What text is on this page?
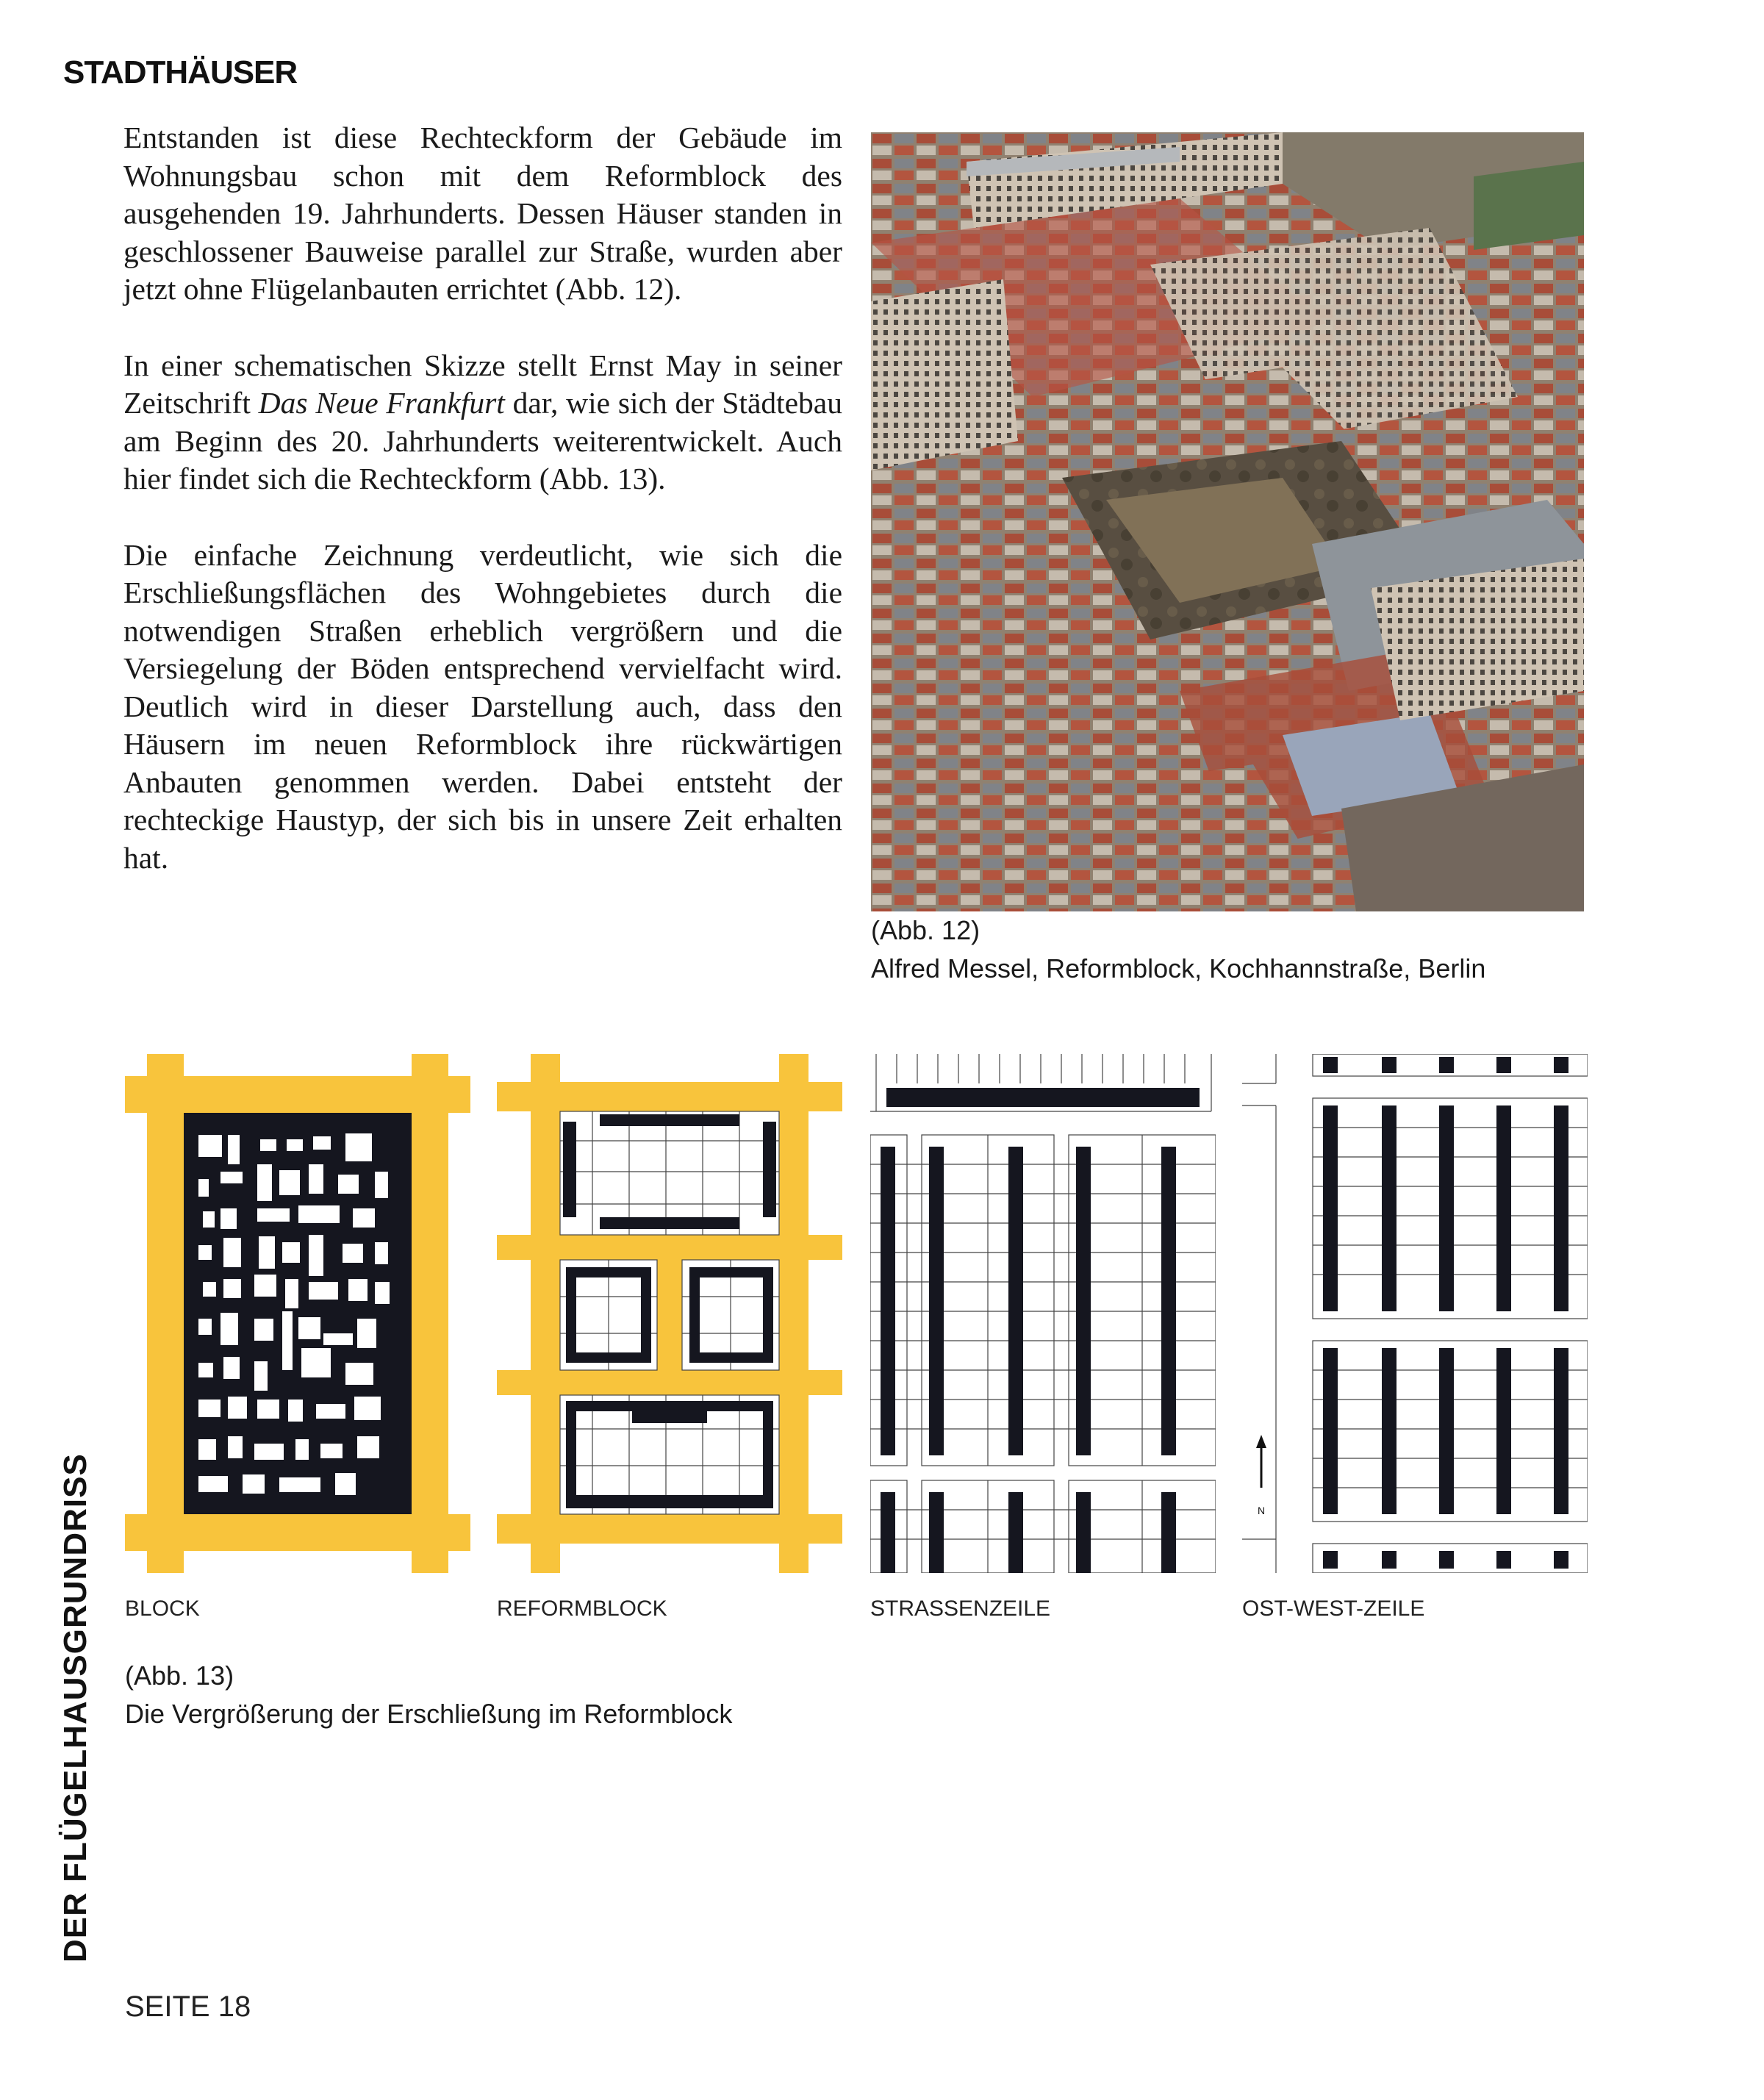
STADTHÄUSER

Entstanden ist diese Rechteckform der Gebäude im Wohnungsbau schon mit dem Reformblock des ausgehenden 19. Jahrhunderts. Dessen Häuser standen in geschlossener Bauweise parallel zur Straße, wurden aber jetzt ohne Flügelanbauten errichtet (Abb. 12).

In einer schematischen Skizze stellt Ernst May in seiner Zeitschrift Das Neue Frankfurt dar, wie sich der Städtebau am Beginn des 20. Jahrhunderts weiterentwickelt. Auch hier findet sich die Rechteckform (Abb. 13).

Die einfache Zeichnung verdeutlicht, wie sich die Erschließungsflächen des Wohngebietes durch die notwendigen Straßen erheblich vergrößern und die Versiegelung der Böden entsprechend vervielfacht wird. Deutlich wird in dieser Darstellung auch, dass den Häusern im neuen Reformblock ihre rückwärtigen Anbauten genommen werden. Dabei entsteht der rechteckige Haustyp, der sich bis in unsere Zeit erhalten hat.

(Abb. 12)
Alfred Messel, Reformblock, Kochhannstraße, Berlin
N
BLOCK	REFORMBLOCK	STRASSENZEILE	OST-WEST-ZEILE
(Abb. 13)
Die Vergrößerung der Erschließung im Reformblock
DER FLÜGELHAUSGRUNDRISS
SEITE 18
